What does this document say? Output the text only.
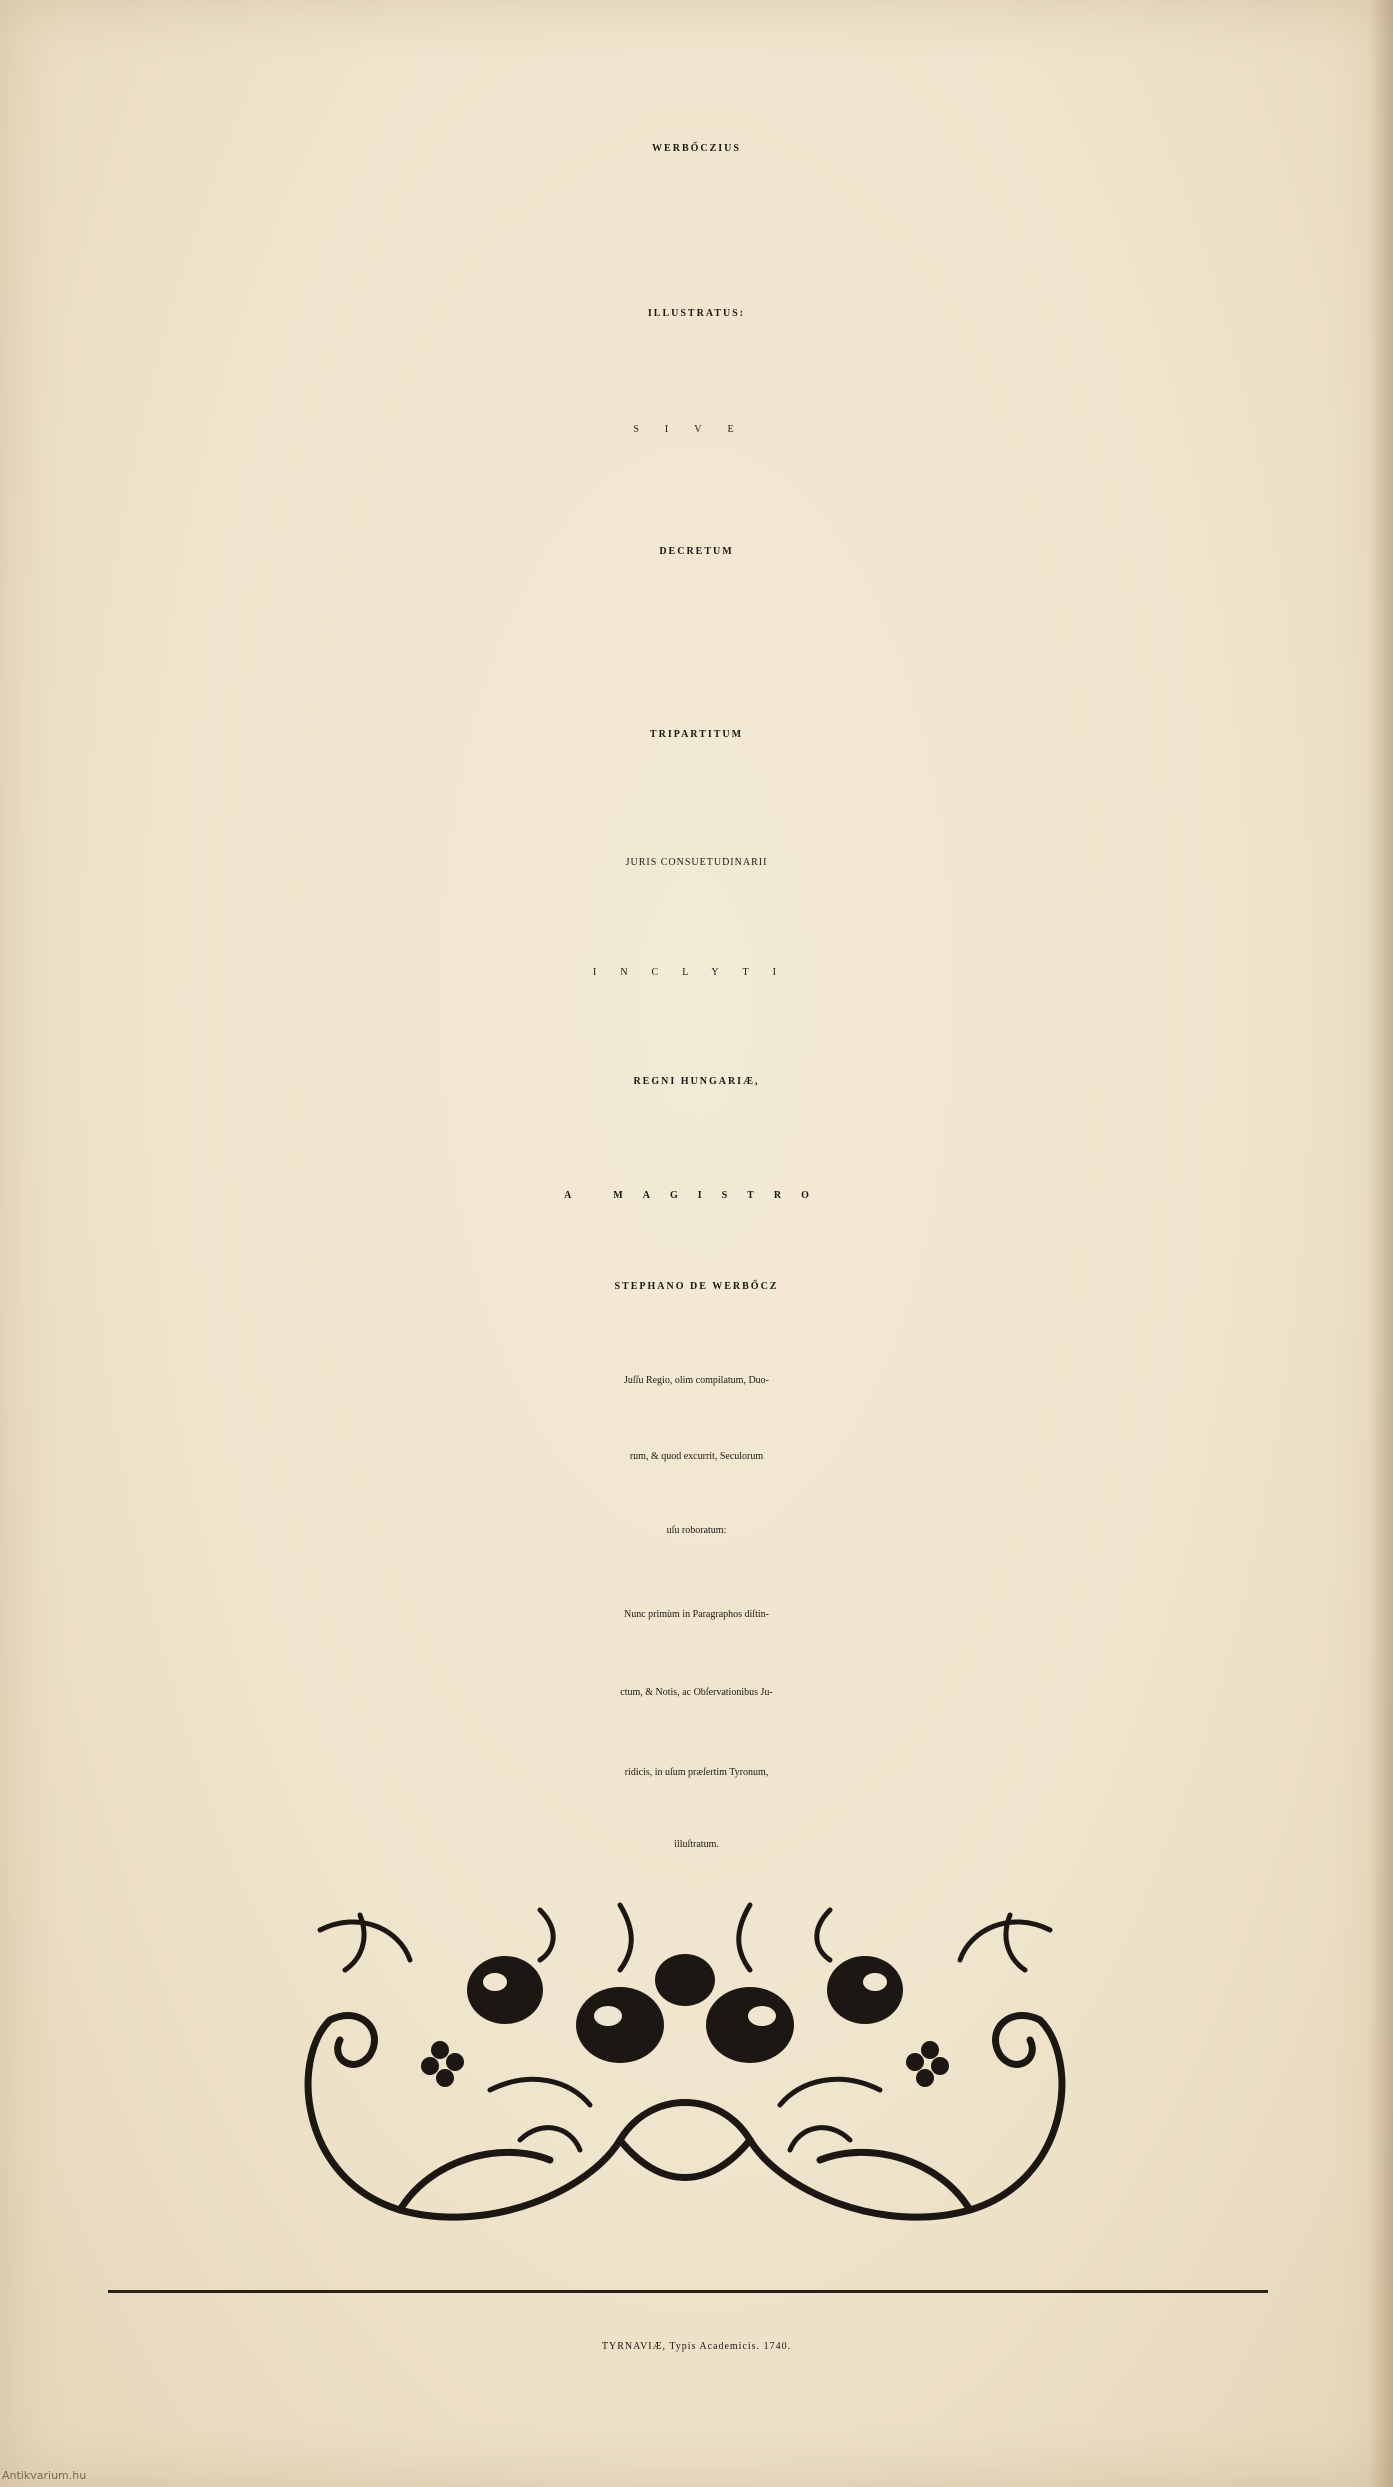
WERBŐCZIUS

ILLUSTRATUS:

SIVE

DECRETUM

TRIPARTITUM

JURIS CONSUETUDINARII

INCLYTI

REGNI HUNGARIÆ,

A MAGISTRO

STEPHANO DE WERBŐCZ

Juſſu Regio, olim compilatum, Duo-

rum, & quod excurrit, Seculorum

uſu roboratum:

Nunc primùm in Paragraphos diſtin-

ctum, & Notis, ac Obſervationibus Ju-

ridicis, in uſum præſertim Tyronum,

illuſtratum.

TYRNAVIÆ, Typis Academicis. 1740.

Antikvarium.hu
